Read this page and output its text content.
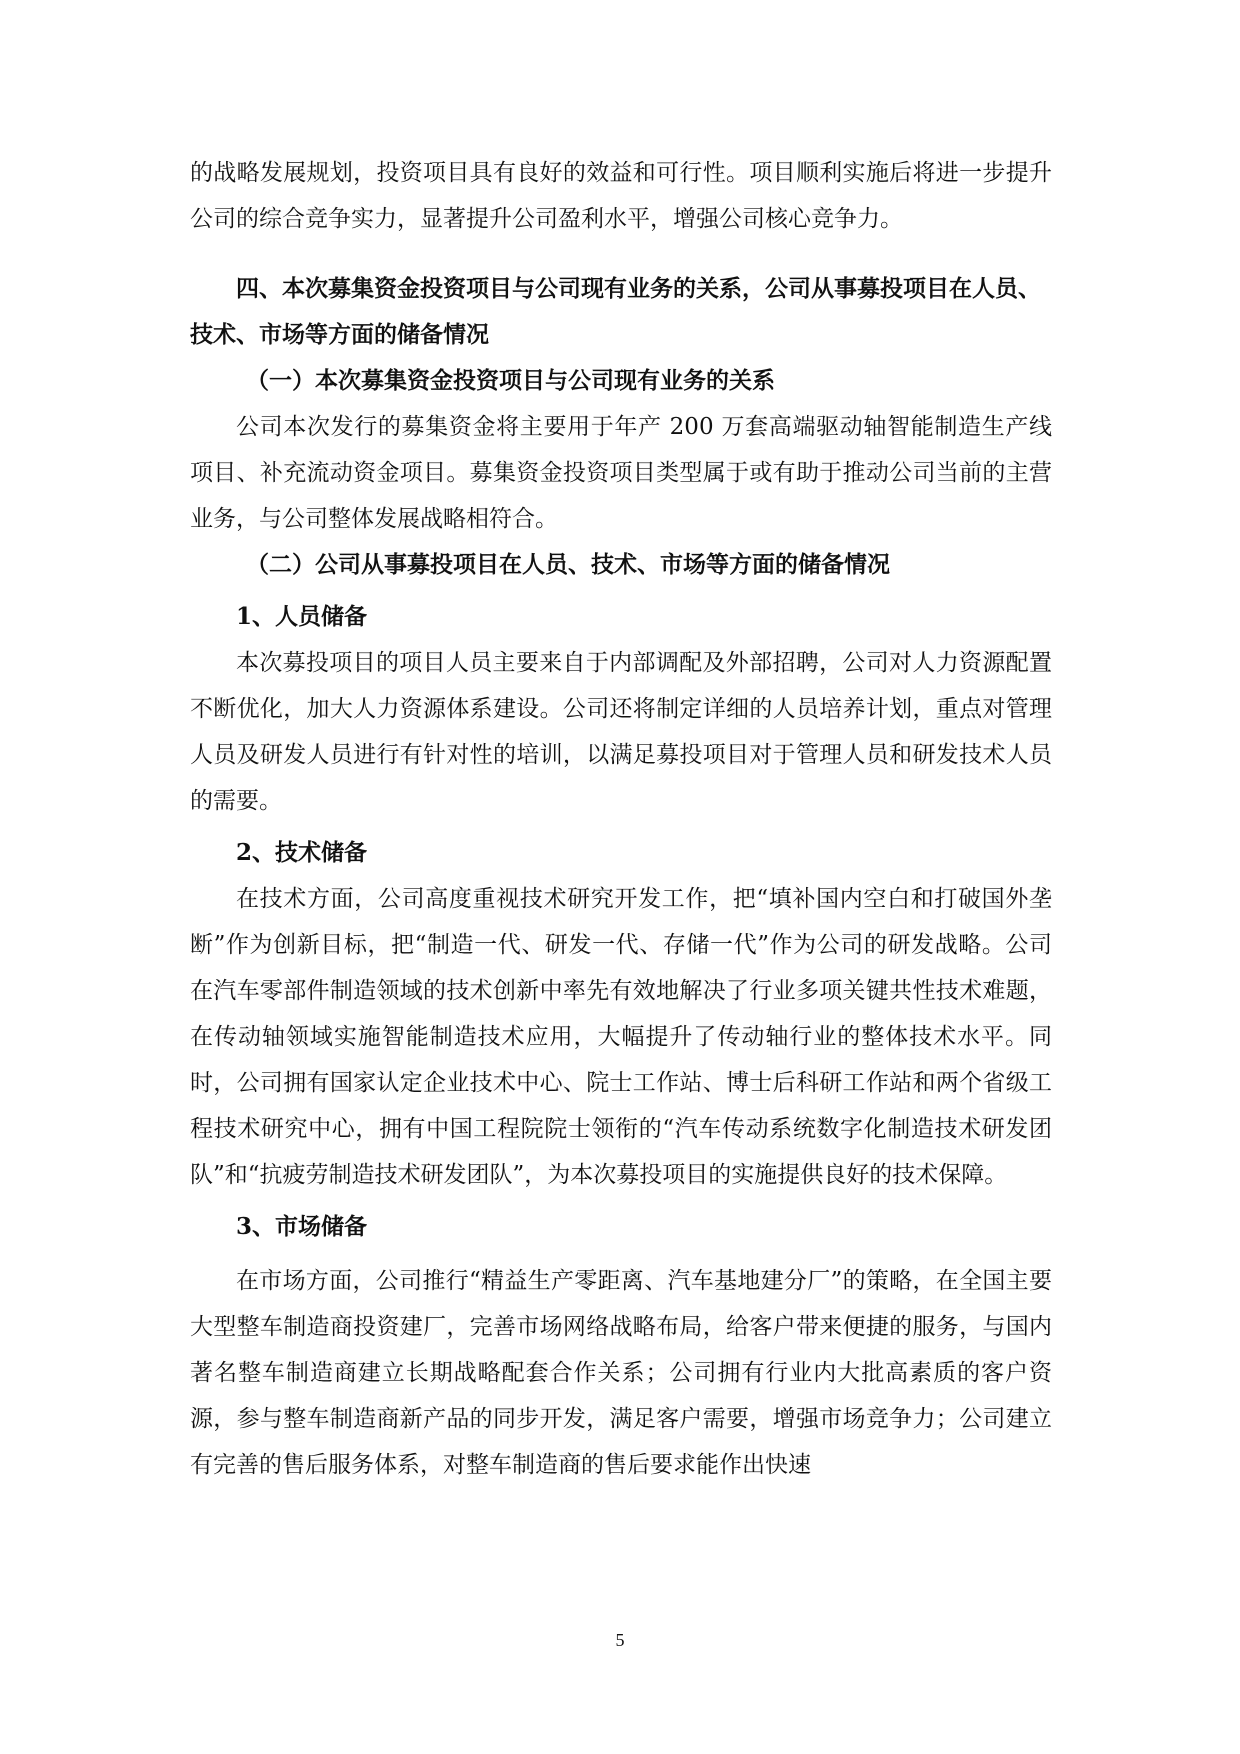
的战略发展规划，投资项目具有良好的效益和可行性。项目顺利实施后将进一步提升公司的综合竞争实力，显著提升公司盈利水平，增强公司核心竞争力。

四、本次募集资金投资项目与公司现有业务的关系，公司从事募投项目在人员、技术、市场等方面的储备情况

（一）本次募集资金投资项目与公司现有业务的关系

公司本次发行的募集资金将主要用于年产 200 万套高端驱动轴智能制造生产线项目、补充流动资金项目。募集资金投资项目类型属于或有助于推动公司当前的主营业务，与公司整体发展战略相符合。

（二）公司从事募投项目在人员、技术、市场等方面的储备情况

1、人员储备

本次募投项目的项目人员主要来自于内部调配及外部招聘，公司对人力资源配置不断优化，加大人力资源体系建设。公司还将制定详细的人员培养计划，重点对管理人员及研发人员进行有针对性的培训，以满足募投项目对于管理人员和研发技术人员的需要。

2、技术储备

在技术方面，公司高度重视技术研究开发工作，把“填补国内空白和打破国外垄断”作为创新目标，把“制造一代、研发一代、存储一代”作为公司的研发战略。公司在汽车零部件制造领域的技术创新中率先有效地解决了行业多项关键共性技术难题，在传动轴领域实施智能制造技术应用，大幅提升了传动轴行业的整体技术水平。同时，公司拥有国家认定企业技术中心、院士工作站、博士后科研工作站和两个省级工程技术研究中心，拥有中国工程院院士领衔的“汽车传动系统数字化制造技术研发团队”和“抗疲劳制造技术研发团队”，为本次募投项目的实施提供良好的技术保障。

3、市场储备

在市场方面，公司推行“精益生产零距离、汽车基地建分厂”的策略，在全国主要大型整车制造商投资建厂，完善市场网络战略布局，给客户带来便捷的服务，与国内著名整车制造商建立长期战略配套合作关系；公司拥有行业内大批高素质的客户资源，参与整车制造商新产品的同步开发，满足客户需要，增强市场竞争力；公司建立有完善的售后服务体系，对整车制造商的售后要求能作出快速

5
